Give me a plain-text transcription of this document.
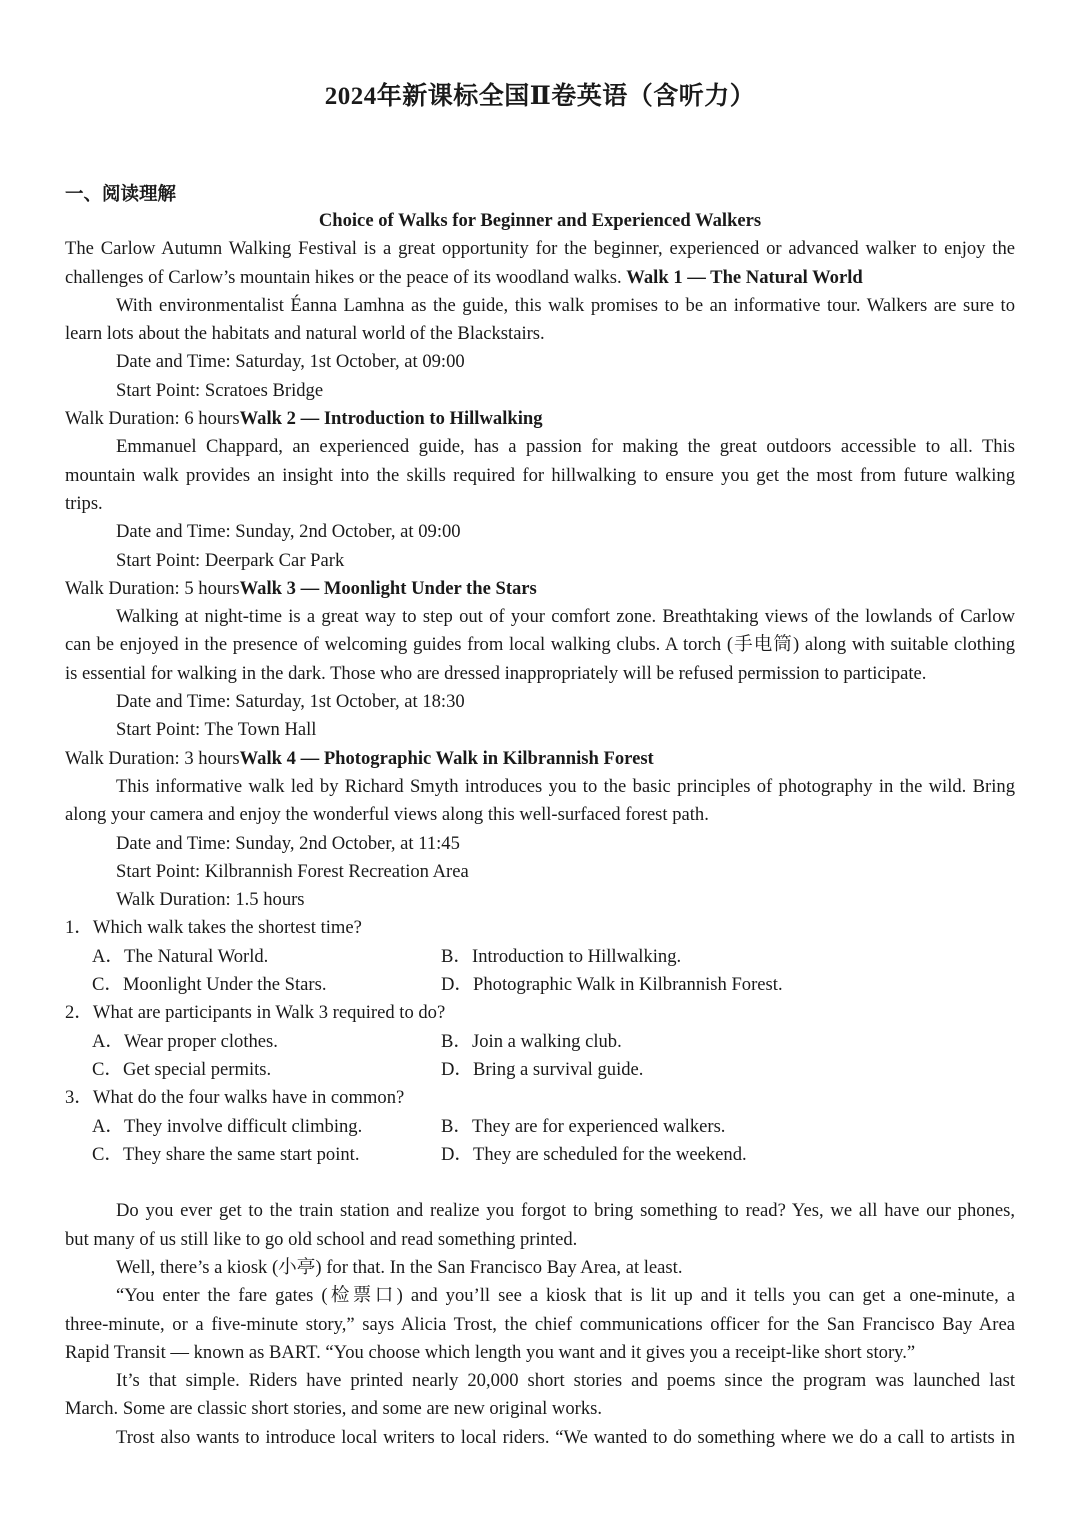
2024年新课标全国Ⅱ卷英语（含听力）
一、阅读理解
Choice of Walks for Beginner and Experienced Walkers
The Carlow Autumn Walking Festival is a great opportunity for the beginner, experienced or advanced walker to enjoy the
challenges of Carlow’s mountain hikes or the peace of its woodland walks. Walk 1 — The Natural World
With environmentalist Éanna Lamhna as the guide, this walk promises to be an informative tour. Walkers are sure to
learn lots about the habitats and natural world of the Blackstairs.
Date and Time: Saturday, 1st October, at 09:00
Start Point: Scratoes Bridge
Walk Duration: 6 hoursWalk 2 — Introduction to Hillwalking
Emmanuel Chappard, an experienced guide, has a passion for making the great outdoors accessible to all. This
mountain walk provides an insight into the skills required for hillwalking to ensure you get the most from future walking
trips.
Date and Time: Sunday, 2nd October, at 09:00
Start Point: Deerpark Car Park
Walk Duration: 5 hoursWalk 3 — Moonlight Under the Stars
Walking at night-time is a great way to step out of your comfort zone. Breathtaking views of the lowlands of Carlow
can be enjoyed in the presence of welcoming guides from local walking clubs. A torch (手电筒) along with suitable clothing
is essential for walking in the dark. Those who are dressed inappropriately will be refused permission to participate.
Date and Time: Saturday, 1st October, at 18:30
Start Point: The Town Hall
Walk Duration: 3 hoursWalk 4 — Photographic Walk in Kilbrannish Forest
This informative walk led by Richard Smyth introduces you to the basic principles of photography in the wild. Bring
along your camera and enjoy the wonderful views along this well-surfaced forest path.
Date and Time: Sunday, 2nd October, at 11:45
Start Point: Kilbrannish Forest Recreation Area
Walk Duration: 1.5 hours
1．Which walk takes the shortest time?
A．The Natural World.	B．Introduction to Hillwalking.
C．Moonlight Under the Stars.	D．Photographic Walk in Kilbrannish Forest.
2．What are participants in Walk 3 required to do?
A．Wear proper clothes.	B．Join a walking club.
C．Get special permits.	D．Bring a survival guide.
3．What do the four walks have in common?
A．They involve difficult climbing.	B．They are for experienced walkers.
C．They share the same start point.	D．They are scheduled for the weekend.
Do you ever get to the train station and realize you forgot to bring something to read? Yes, we all have our phones,
but many of us still like to go old school and read something printed.
Well, there’s a kiosk (小亭) for that. In the San Francisco Bay Area, at least.
“You enter the fare gates (检票口) and you’ll see a kiosk that is lit up and it tells you can get a one-minute, a
three-minute, or a five-minute story,” says Alicia Trost, the chief communications officer for the San Francisco Bay Area
Rapid Transit — known as BART. “You choose which length you want and it gives you a receipt-like short story.”
It’s that simple. Riders have printed nearly 20,000 short stories and poems since the program was launched last
March. Some are classic short stories, and some are new original works.
Trost also wants to introduce local writers to local riders. “We wanted to do something where we do a call to artists in
